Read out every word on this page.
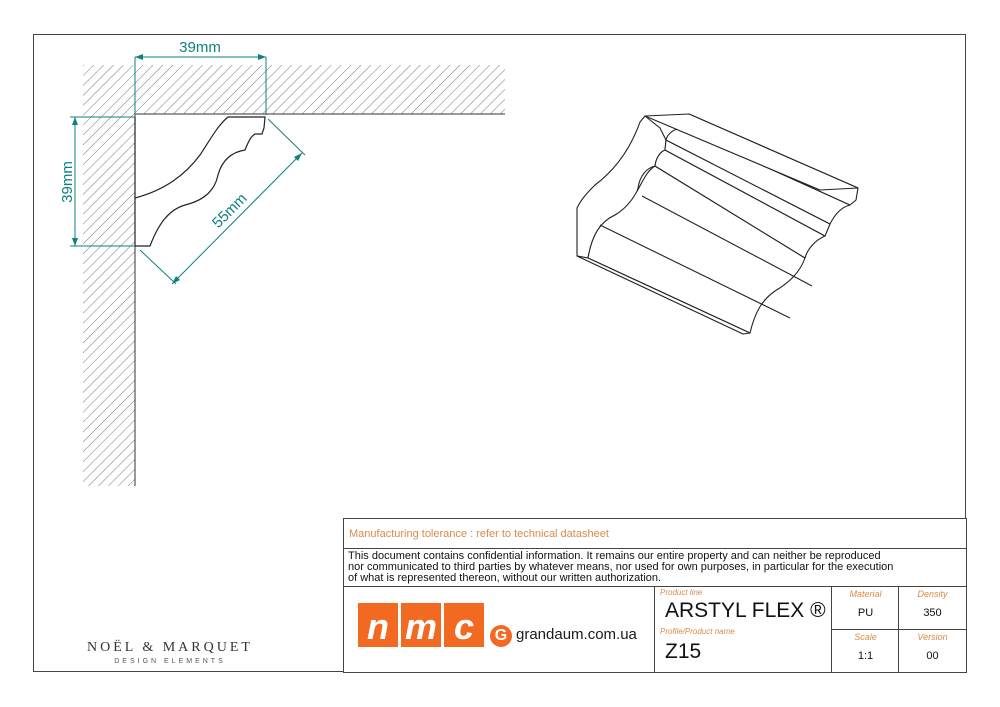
39mm
39mm
55mm
Manufacturing tolerance : refer to technical datasheet
This document contains confidential information. It remains our entire property and can neither be reproduced
nor communicated to third parties by whatever means, nor used for own purposes, in particular for the execution
of what is represented thereon, without our written authorization.
n m c	G grandaum.com.ua
Product line
ARSTYL FLEX ®
Profile/Product name
Z15
Material
PU
Density
350
Scale
1:1
Version
00
NOËL & MARQUET
DESIGN ELEMENTS
